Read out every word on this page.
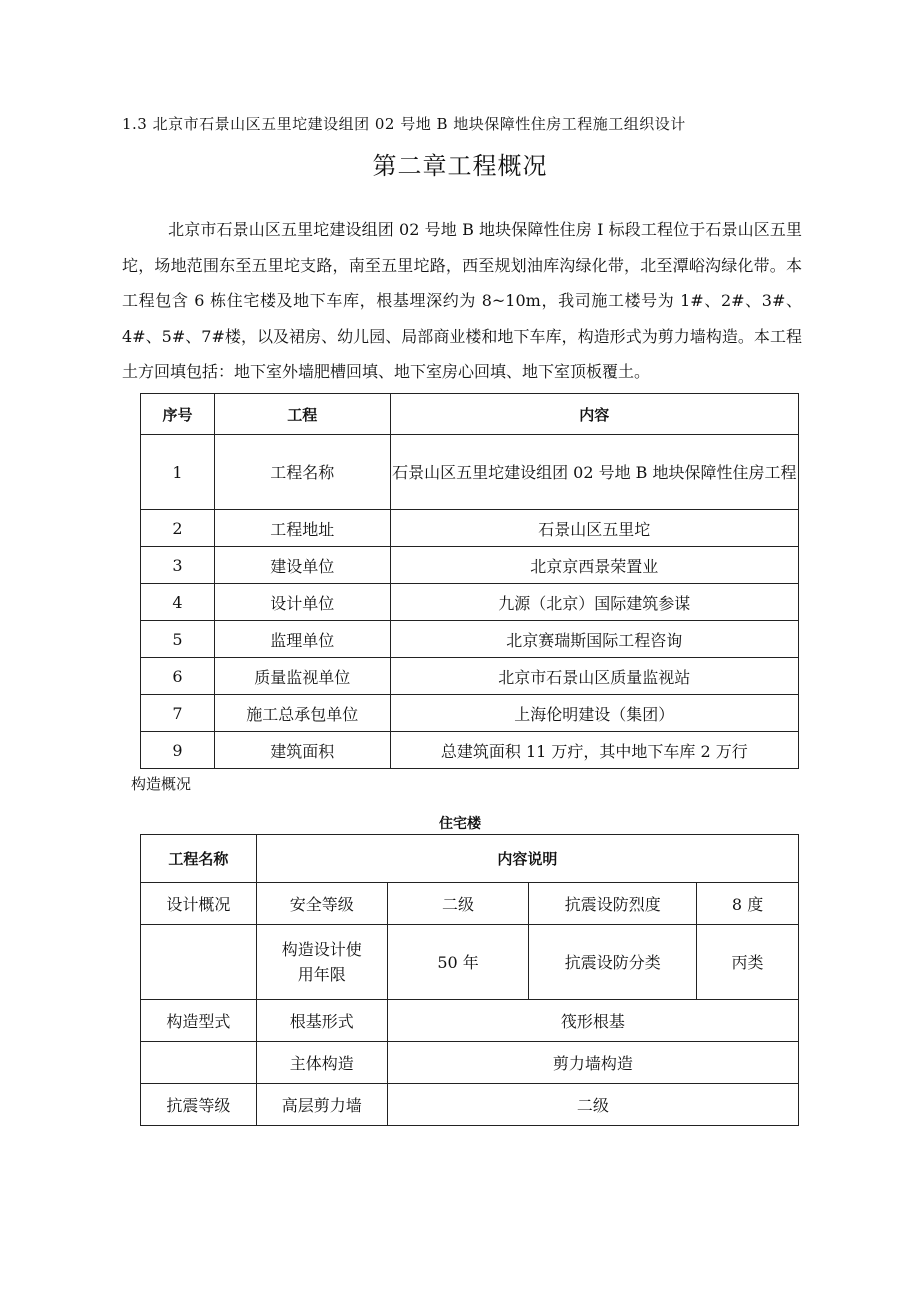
1.3 北京市石景山区五里坨建设组团 02 号地 B 地块保障性住房工程施工组织设计
第二章工程概况

北京市石景山区五里坨建设组团 02 号地 B 地块保障性住房 I 标段工程位于石景山区五里坨，场地范围东至五里坨支路，南至五里坨路，西至规划油库沟绿化带，北至潭峪沟绿化带。本工程包含 6 栋住宅楼及地下车库，根基埋深约为 8~10m，我司施工楼号为 1#、2#、3#、4#、5#、7#楼，以及裙房、幼儿园、局部商业楼和地下车库，构造形式为剪力墙构造。本工程土方回填包括：地下室外墙肥槽回填、地下室房心回填、地下室顶板覆土。

序号	工程	内容
1	工程名称	石景山区五里坨建设组团 02 号地 B 地块保障性住房工程
2	工程地址	石景山区五里坨
3	建设单位	北京京西景荣置业
4	设计单位	九源（北京）国际建筑参谋
5	监理单位	北京赛瑞斯国际工程咨询
6	质量监视单位	北京市石景山区质量监视站
7	施工总承包单位	上海伦明建设（集团）
9	建筑面积	总建筑面积 11 万疔，其中地下车库 2 万行
构造概况
住宅楼
工程名称	内容说明			
设计概况	安全等级	二级	抗震设防烈度	8 度

	构造设计使用年限	50 年	抗震设防分类	丙类
构造型式	根基形式	筏形根基		
	主体构造	剪力墙构造		
抗震等级	高层剪力墙	二级		
